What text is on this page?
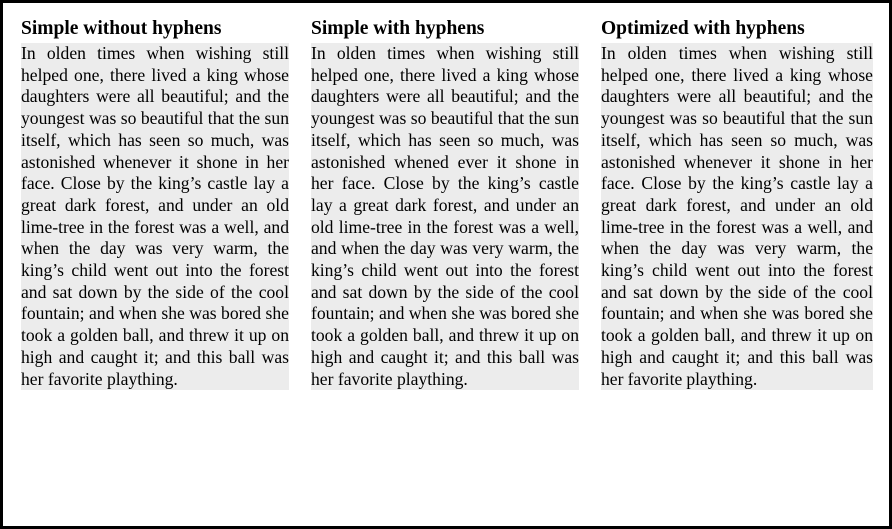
Simple without hyphens

In olden times when wishing still helped one, there lived a king whose daughters were all beautiful; and the youngest was so beautiful that the sun itself, which has seen so much, was astonished whenever it shone in her face. Close by the king’s castle lay a great dark forest, and under an old lime-tree in the forest was a well, and when the day was very warm, the king’s child went out into the forest and sat down by the side of the cool fountain; and when she was bored she took a golden ball, and threw it up on high and caught it; and this ball was her favorite plaything.

Simple with hyphens

In olden times when wishing still helped one, there lived a king whose daughters were all beautiful; and the youngest was so beautiful that the sun itself, which has seen so much, was astonished whened ever it shone in her face. Close by the king’s castle lay a great dark forest, and under an old lime-tree in the forest was a well, and when the day was very warm, the king’s child went out into the forest and sat down by the side of the cool fountain; and when she was bored she took a golden ball, and threw it up on high and caught it; and this ball was her favorite plaything.

Optimized with hyphens

In olden times when wishing still helped one, there lived a king whose daughters were all beautiful; and the youngest was so beautiful that the sun itself, which has seen so much, was astonished whenever it shone in her face. Close by the king’s castle lay a great dark forest, and under an old lime-tree in the forest was a well, and when the day was very warm, the king’s child went out into the forest and sat down by the side of the cool fountain; and when she was bored she took a golden ball, and threw it up on high and caught it; and this ball was her favorite plaything.
